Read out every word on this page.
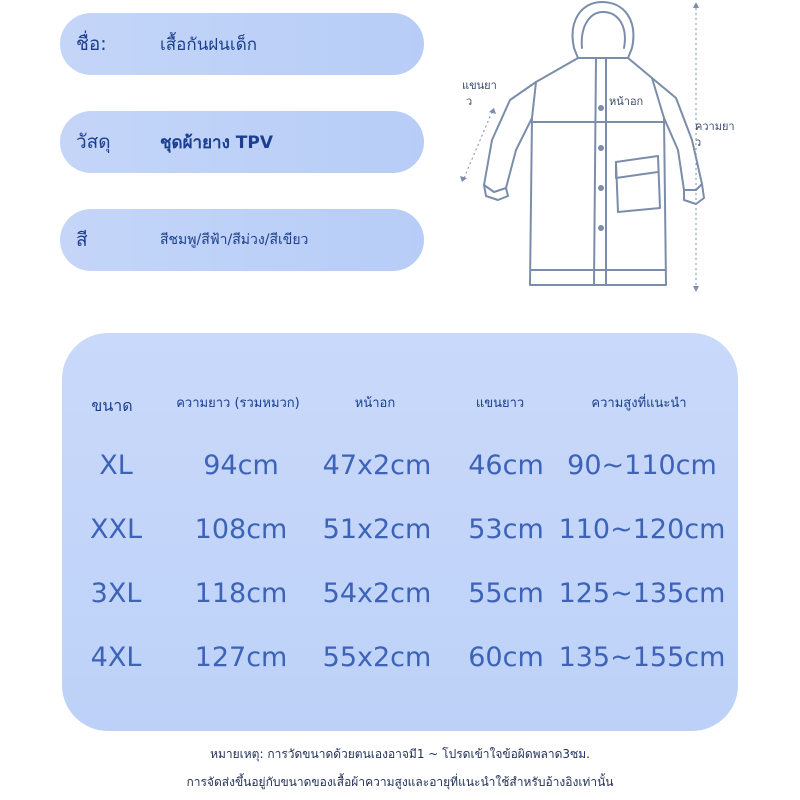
ชื่อ:	เสื้อกันฝนเด็ก
วัสดุ	ชุดผ้ายาง TPV
สี	สีชมพู/สีฟ้า/สีม่วง/สีเขียว
แขนยา
ว	หน้าอก
ความยา
ว
ขนาด	ความยาว (รวมหมวก)	หน้าอก	แขนยาว	ความสูงที่แนะนำ
XL	94cm 47x2cm 46cm 90~110cm
XXL 108cm 51x2cm 53cm 110~120cm
3XL 118cm 54x2cm 55cm 125~135cm
4XL 127cm 55x2cm 60cm 135~155cm
หมายเหตุ: การวัดขนาดด้วยตนเองอาจมี1 ~ โปรดเข้าใจข้อผิดพลาด3ซม.
การจัดส่งขึ้นอยู่กับขนาดของเสื้อผ้าความสูงและอายุที่แนะนำใช้สำหรับอ้างอิงเท่านั้น
